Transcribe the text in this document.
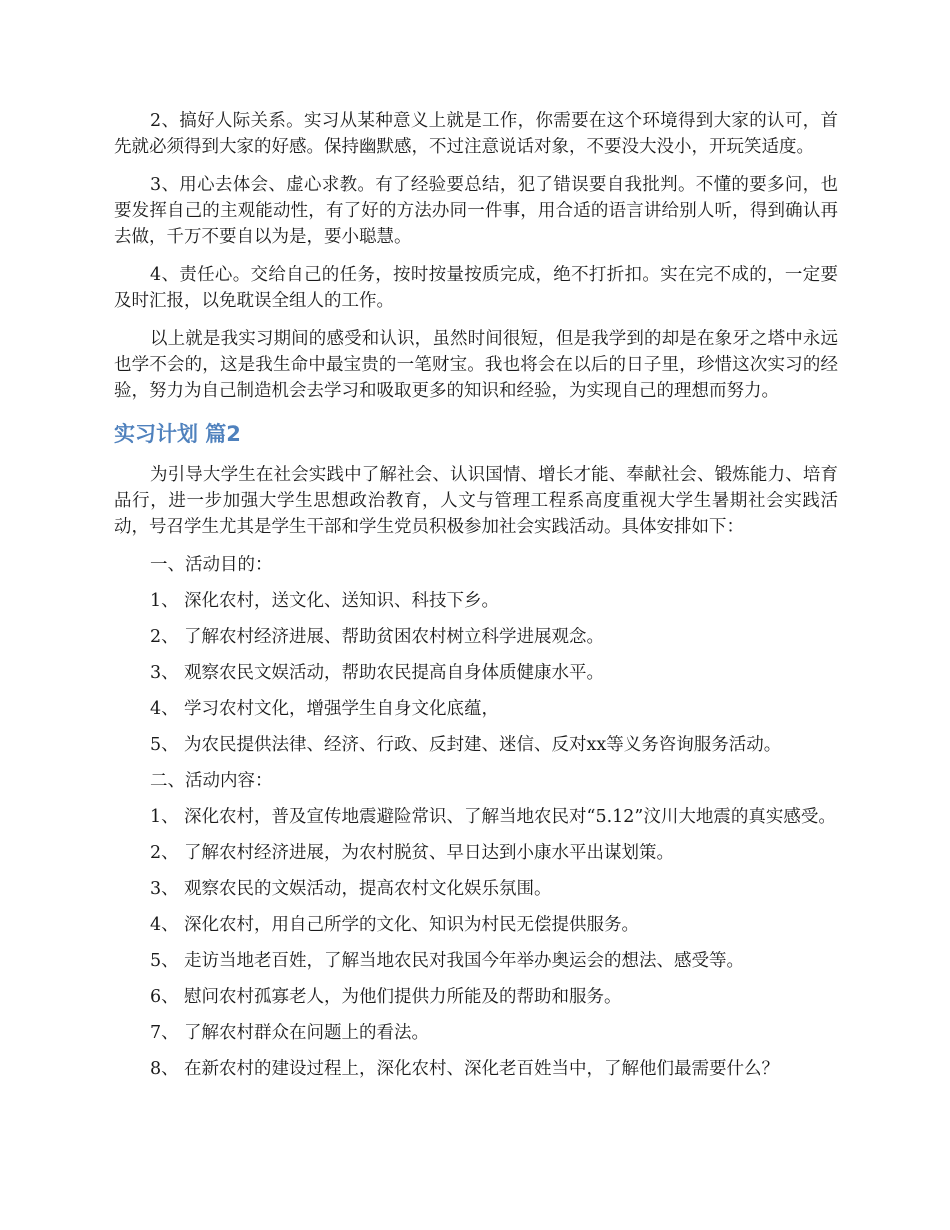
2、搞好人际关系。实习从某种意义上就是工作，你需要在这个环境得到大家的认可，首先就必须得到大家的好感。保持幽默感，不过注意说话对象，不要没大没小，开玩笑适度。

3、用心去体会、虚心求教。有了经验要总结，犯了错误要自我批判。不懂的要多问，也要发挥自己的主观能动性，有了好的方法办同一件事，用合适的语言讲给别人听，得到确认再去做，千万不要自以为是，要小聪慧。

4、责任心。交给自己的任务，按时按量按质完成，绝不打折扣。实在完不成的，一定要及时汇报，以免耽误全组人的工作。

以上就是我实习期间的感受和认识，虽然时间很短，但是我学到的却是在象牙之塔中永远也学不会的，这是我生命中最宝贵的一笔财宝。我也将会在以后的日子里，珍惜这次实习的经验，努力为自己制造机会去学习和吸取更多的知识和经验，为实现自己的理想而努力。

实习计划 篇2

为引导大学生在社会实践中了解社会、认识国情、增长才能、奉献社会、锻炼能力、培育品行，进一步加强大学生思想政治教育，人文与管理工程系高度重视大学生暑期社会实践活动，号召学生尤其是学生干部和学生党员积极参加社会实践活动。具体安排如下：

一、活动目的：
1、 深化农村，送文化、送知识、科技下乡。
2、 了解农村经济进展、帮助贫困农村树立科学进展观念。
3、 观察农民文娱活动，帮助农民提高自身体质健康水平。
4、 学习农村文化，增强学生自身文化底蕴，
5、 为农民提供法律、经济、行政、反封建、迷信、反对xx等义务咨询服务活动。
二、活动内容：
1、 深化农村，普及宣传地震避险常识、了解当地农民对“5.12”汶川大地震的真实感受。
2、 了解农村经济进展，为农村脱贫、早日达到小康水平出谋划策。
3、 观察农民的文娱活动，提高农村文化娱乐氛围。
4、 深化农村，用自己所学的文化、知识为村民无偿提供服务。
5、 走访当地老百姓，了解当地农民对我国今年举办奥运会的想法、感受等。
6、 慰问农村孤寡老人，为他们提供力所能及的帮助和服务。
7、 了解农村群众在问题上的看法。
8、 在新农村的建设过程上，深化农村、深化老百姓当中，了解他们最需要什么？
